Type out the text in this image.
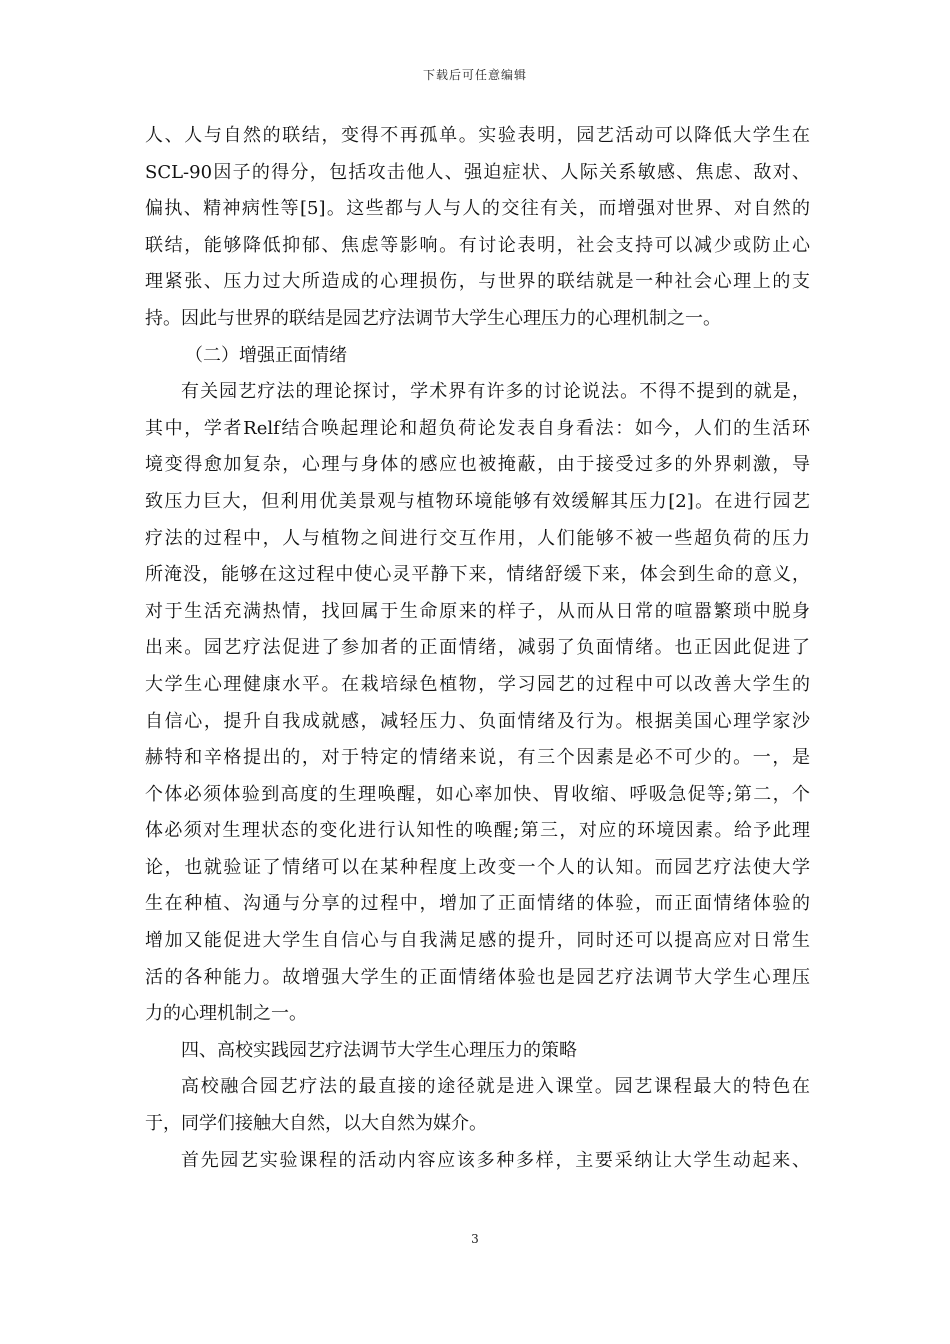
下载后可任意编辑
人、人与自然的联结，变得不再孤单。实验表明，园艺活动可以降低大学生在
SCL-90因子的得分，包括攻击他人、强迫症状、人际关系敏感、焦虑、敌对、
偏执、精神病性等[5]。这些都与人与人的交往有关，而增强对世界、对自然的
联结，能够降低抑郁、焦虑等影响。有讨论表明，社会支持可以减少或防止心
理紧张、压力过大所造成的心理损伤，与世界的联结就是一种社会心理上的支
持。因此与世界的联结是园艺疗法调节大学生心理压力的心理机制之一。
（二）增强正面情绪
有关园艺疗法的理论探讨，学术界有许多的讨论说法。不得不提到的就是，
其中，学者Relf结合唤起理论和超负荷论发表自身看法：如今，人们的生活环
境变得愈加复杂，心理与身体的感应也被掩蔽，由于接受过多的外界刺激，导
致压力巨大，但利用优美景观与植物环境能够有效缓解其压力[2]。在进行园艺
疗法的过程中，人与植物之间进行交互作用，人们能够不被一些超负荷的压力
所淹没，能够在这过程中使心灵平静下来，情绪舒缓下来，体会到生命的意义，
对于生活充满热情，找回属于生命原来的样子，从而从日常的喧嚣繁琐中脱身
出来。园艺疗法促进了参加者的正面情绪，减弱了负面情绪。也正因此促进了
大学生心理健康水平。在栽培绿色植物，学习园艺的过程中可以改善大学生的
自信心，提升自我成就感，减轻压力、负面情绪及行为。根据美国心理学家沙
赫特和辛格提出的，对于特定的情绪来说，有三个因素是必不可少的。一，是
个体必须体验到高度的生理唤醒，如心率加快、胃收缩、呼吸急促等;第二，个
体必须对生理状态的变化进行认知性的唤醒;第三，对应的环境因素。给予此理
论，也就验证了情绪可以在某种程度上改变一个人的认知。而园艺疗法使大学
生在种植、沟通与分享的过程中，增加了正面情绪的体验，而正面情绪体验的
增加又能促进大学生自信心与自我满足感的提升，同时还可以提高应对日常生
活的各种能力。故增强大学生的正面情绪体验也是园艺疗法调节大学生心理压
力的心理机制之一。
四、高校实践园艺疗法调节大学生心理压力的策略
高校融合园艺疗法的最直接的途径就是进入课堂。园艺课程最大的特色在
于，同学们接触大自然，以大自然为媒介。
首先园艺实验课程的活动内容应该多种多样，主要采纳让大学生动起来、
3
